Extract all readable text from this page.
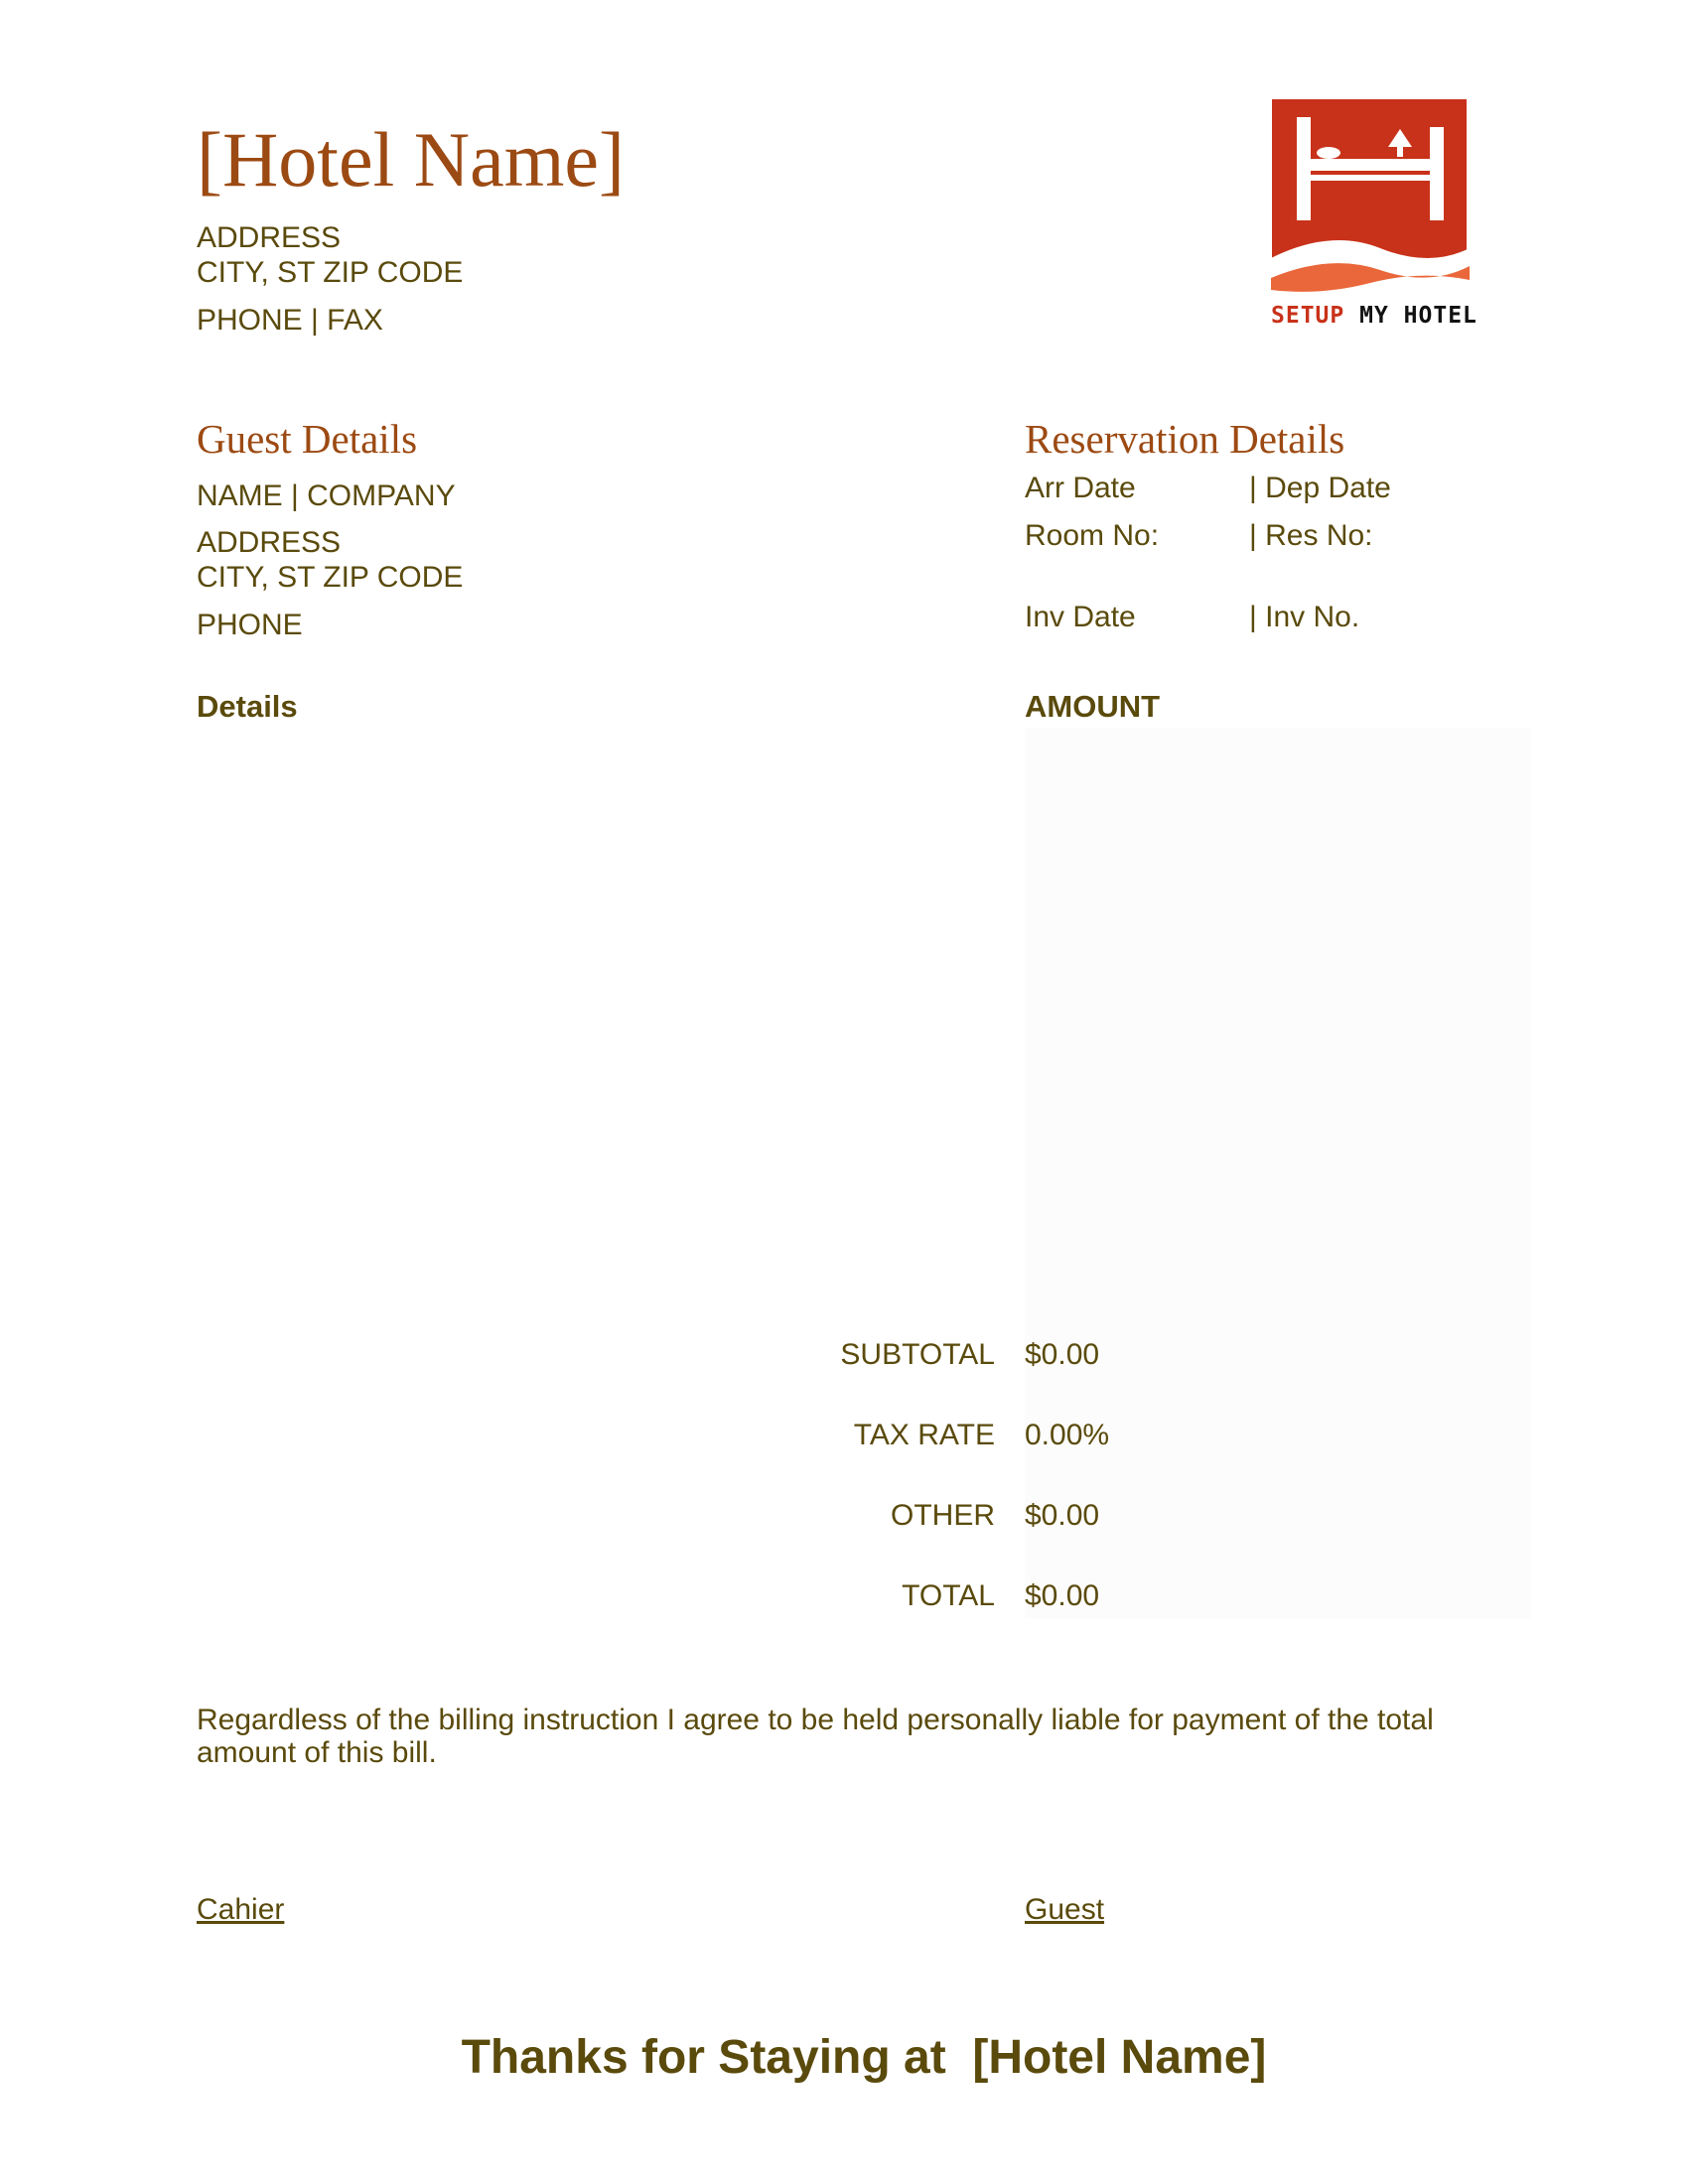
[Hotel Name]
ADDRESS
CITY, ST ZIP CODE
PHONE | FAX	SETUP MY HOTEL
Guest Details
NAME | COMPANY
ADDRESS
CITY, ST ZIP CODE
PHONE
Reservation Details
Arr Date	| Dep Date
Room No:	| Res No:
Inv Date	| Inv No.
Details	AMOUNT
SUBTOTAL $0.00
TAX RATE 0.00%
OTHER $0.00
TOTAL $0.00
Regardless of the billing instruction I agree to be held personally liable for payment of the total
amount of this bill.
Cahier	Guest
Thanks for Staying at  [Hotel Name]
